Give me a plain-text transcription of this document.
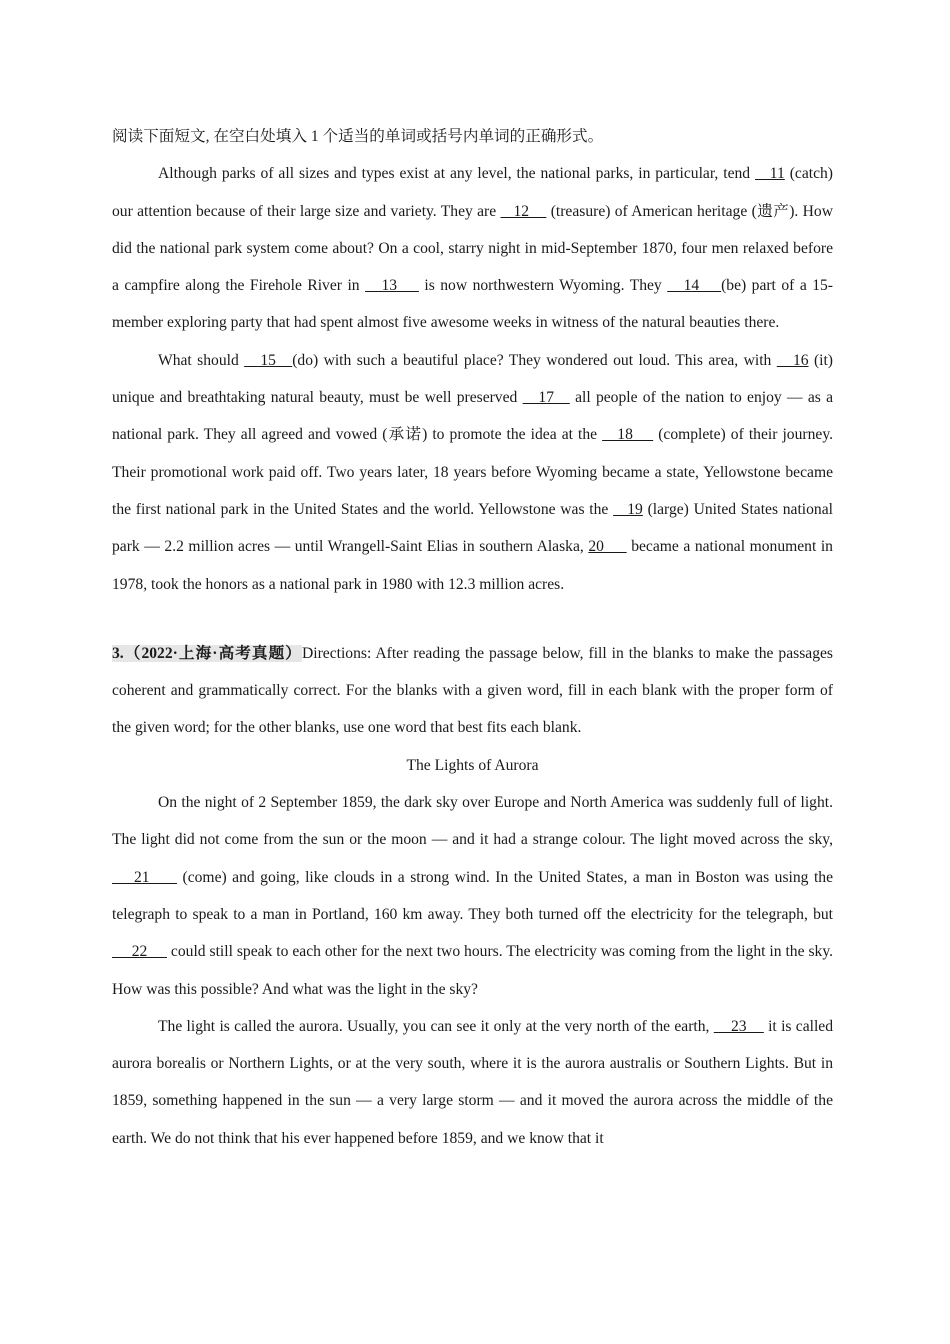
阅读下面短文, 在空白处填入 1 个适当的单词或括号内单词的正确形式。

Although parks of all sizes and types exist at any level, the national parks, in particular, tend    11 (catch) our attention because of their large size and variety. They are    12     (treasure) of American heritage (遗产). How did the national park system come about? On a cool, starry night in mid-September 1870, four men relaxed before a campfire along the Firehole River in    13     is now northwestern Wyoming. They    14    (be) part of a 15-member exploring party that had spent almost five awesome weeks in witness of the natural beauties there.

What should    15   (do) with such a beautiful place? They wondered out loud. This area, with    16 (it) unique and breathtaking natural beauty, must be well preserved    17    all people of the nation to enjoy — as a national park. They all agreed and vowed (承诺) to promote the idea at the    18     (complete) of their journey. Their promotional work paid off. Two years later, 18 years before Wyoming became a state, Yellowstone became the first national park in the United States and the world. Yellowstone was the    19 (large) United States national park — 2.2 million acres — until Wrangell-Saint Elias in southern Alaska, 20      became a national monument in 1978, took the honors as a national park in 1980 with 12.3 million acres.

3.（2022·上海·高考真题）Directions: After reading the passage below, fill in the blanks to make the passages coherent and grammatically correct. For the blanks with a given word, fill in each blank with the proper form of the given word; for the other blanks, use one word that best fits each blank.

The Lights of Aurora

On the night of 2 September 1859, the dark sky over Europe and North America was suddenly full of light. The light did not come from the sun or the moon — and it had a strange colour. The light moved across the sky,     21      (come) and going, like clouds in a strong wind. In the United States, a man in Boston was using the telegraph to speak to a man in Portland, 160 km away. They both turned off the electricity for the telegraph, but      22      could still speak to each other for the next two hours. The electricity was coming from the light in the sky. How was this possible? And what was the light in the sky?

The light is called the aurora. Usually, you can see it only at the very north of the earth,     23     it is called aurora borealis or Northern Lights, or at the very south, where it is the aurora australis or Southern Lights. But in 1859, something happened in the sun — a very large storm — and it moved the aurora across the middle of the earth. We do not think that his ever happened before 1859, and we know that it
